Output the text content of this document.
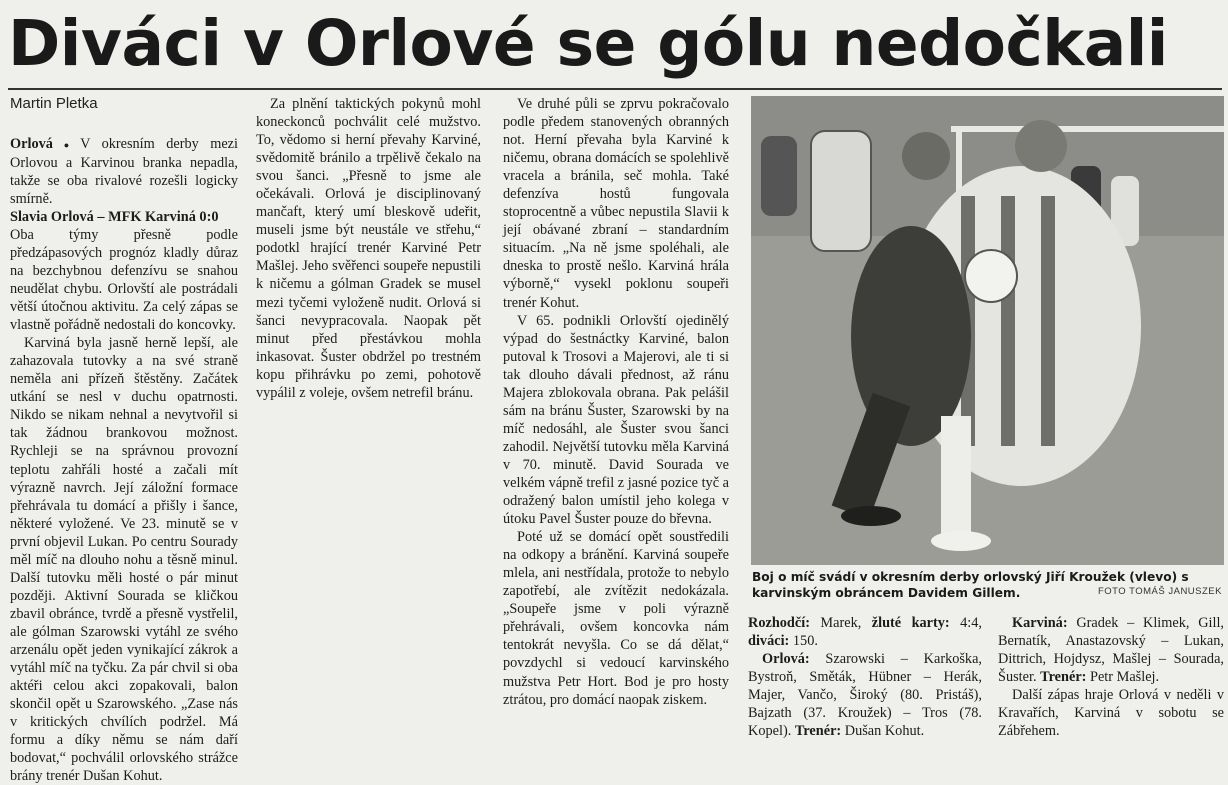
Diváci v Orlové se gólu nedočkali
Martin Pletka

Orlová ● V okresním derby mezi Orlovou a Karvinou branka nepadla, takže se oba rivalové rozešli logicky smírně.

Slavia Orlová – MFK Karviná 0:0

Oba týmy přesně podle předzápasových prognóz kladly důraz na bezchybnou defenzívu se snahou neudělat chybu. Orlovští ale postrádali větší útočnou aktivitu. Za celý zápas se vlastně pořádně nedostali do koncovky.

Karviná byla jasně herně lepší, ale zahazovala tutovky a na své straně neměla ani přízeň štěstěny. Začátek utkání se nesl v duchu opatrnosti. Nikdo se nikam nehnal a nevytvořil si tak žádnou brankovou možnost. Rychleji se na správnou provozní teplotu zahřáli hosté a začali mít výrazně navrch. Její záložní formace přehrávala tu domácí a přišly i šance, některé vyložené. Ve 23. minutě se v první objevil Lukan. Po centru Sourady měl míč na dlouho nohu a těsně minul. Další tutovku měli hosté o pár minut později. Aktivní Sourada se kličkou zbavil obránce, tvrdě a přesně vystřelil, ale gólman Szarowski vytáhl ze svého arzenálu opět jeden vynikající zákrok a vytáhl míč na tyčku. Za pár chvil si oba aktéři celou akci zopakovali, balon skončil opět u Szarowského. „Zase nás v kritických chvílích podržel. Má formu a díky němu se nám daří bodovat,“ pochválil orlovského strážce brány trenér Dušan Kohut.

Za plnění taktických pokynů mohl koneckonců pochválit celé mužstvo. To, vědomo si herní převahy Karviné, svědomitě bránilo a trpělivě čekalo na svou šanci. „Přesně to jsme ale očekávali. Orlová je disciplinovaný mančaft, který umí bleskově udeřit, museli jsme být neustále ve střehu,“ podotkl hrající trenér Karviné Petr Mašlej. Jeho svěřenci soupeře nepustili k ničemu a gólman Gradek se musel mezi tyčemi vyloženě nudit. Orlová si šanci nevypracovala. Naopak pět minut před přestávkou mohla inkasovat. Šuster obdržel po trestném kopu přihrávku po zemi, pohotově vypálil z voleje, ovšem netrefil bránu.

Ve druhé půli se zprvu pokračovalo podle předem stanovených obranných not. Herní převaha byla Karviné k ničemu, obrana domácích se spolehlivě vracela a bránila, seč mohla. Také defenzíva hostů fungovala stoprocentně a vůbec nepustila Slavii k její obávané zbraní – standardním situacím. „Na ně jsme spoléhali, ale dneska to prostě nešlo. Karviná hrála výborně,“ vysekl poklonu soupeři trenér Kohut.

V 65. podnikli Orlovští ojedinělý výpad do šestnáctky Karviné, balon putoval k Trosovi a Majerovi, ale ti si tak dlouho dávali přednost, až ránu Majera zblokovala obrana. Pak pelášil sám na bránu Šuster, Szarowski by na míč nedosáhl, ale Šuster svou šanci zahodil. Největší tutovku měla Karviná v 70. minutě. David Sourada ve velkém vápně trefil z jasné pozice tyč a odražený balon umístil jeho kolega v útoku Pavel Šuster pouze do břevna.

Poté už se domácí opět soustředili na odkopy a bránění. Karviná soupeře mlela, ani nestřídala, protože to nebylo zapotřebí, ale zvítězit nedokázala. „Soupeře jsme v poli výrazně přehrávali, ovšem koncovka nám tentokrát nevyšla. Co se dá dělat,“ povzdychl si vedoucí karvinského mužstva Petr Hort. Bod je pro hosty ztrátou, pro domácí naopak ziskem.

Boj o míč svádí v okresním derby orlovský Jiří Kroužek (vlevo) s karvinským obráncem Davidem Gillem.	FOTO TOMÁŠ JANUSZEK

Rozhodčí: Marek, žluté karty: 4:4, diváci: 150.

Orlová: Szarowski – Karkoška, Bystroň, Směták, Hübner – Herák, Majer, Vančo, Široký (80. Pristáš), Bajzath (37. Kroužek) – Tros (78. Kopel). Trenér: Dušan Kohut.

Karviná: Gradek – Klimek, Gill, Bernatík, Anastazovský – Lukan, Dittrich, Hojdysz, Mašlej – Sourada, Šuster. Trenér: Petr Mašlej.

Další zápas hraje Orlová v neděli v Kravařích, Karviná v sobotu se Zábřehem.
